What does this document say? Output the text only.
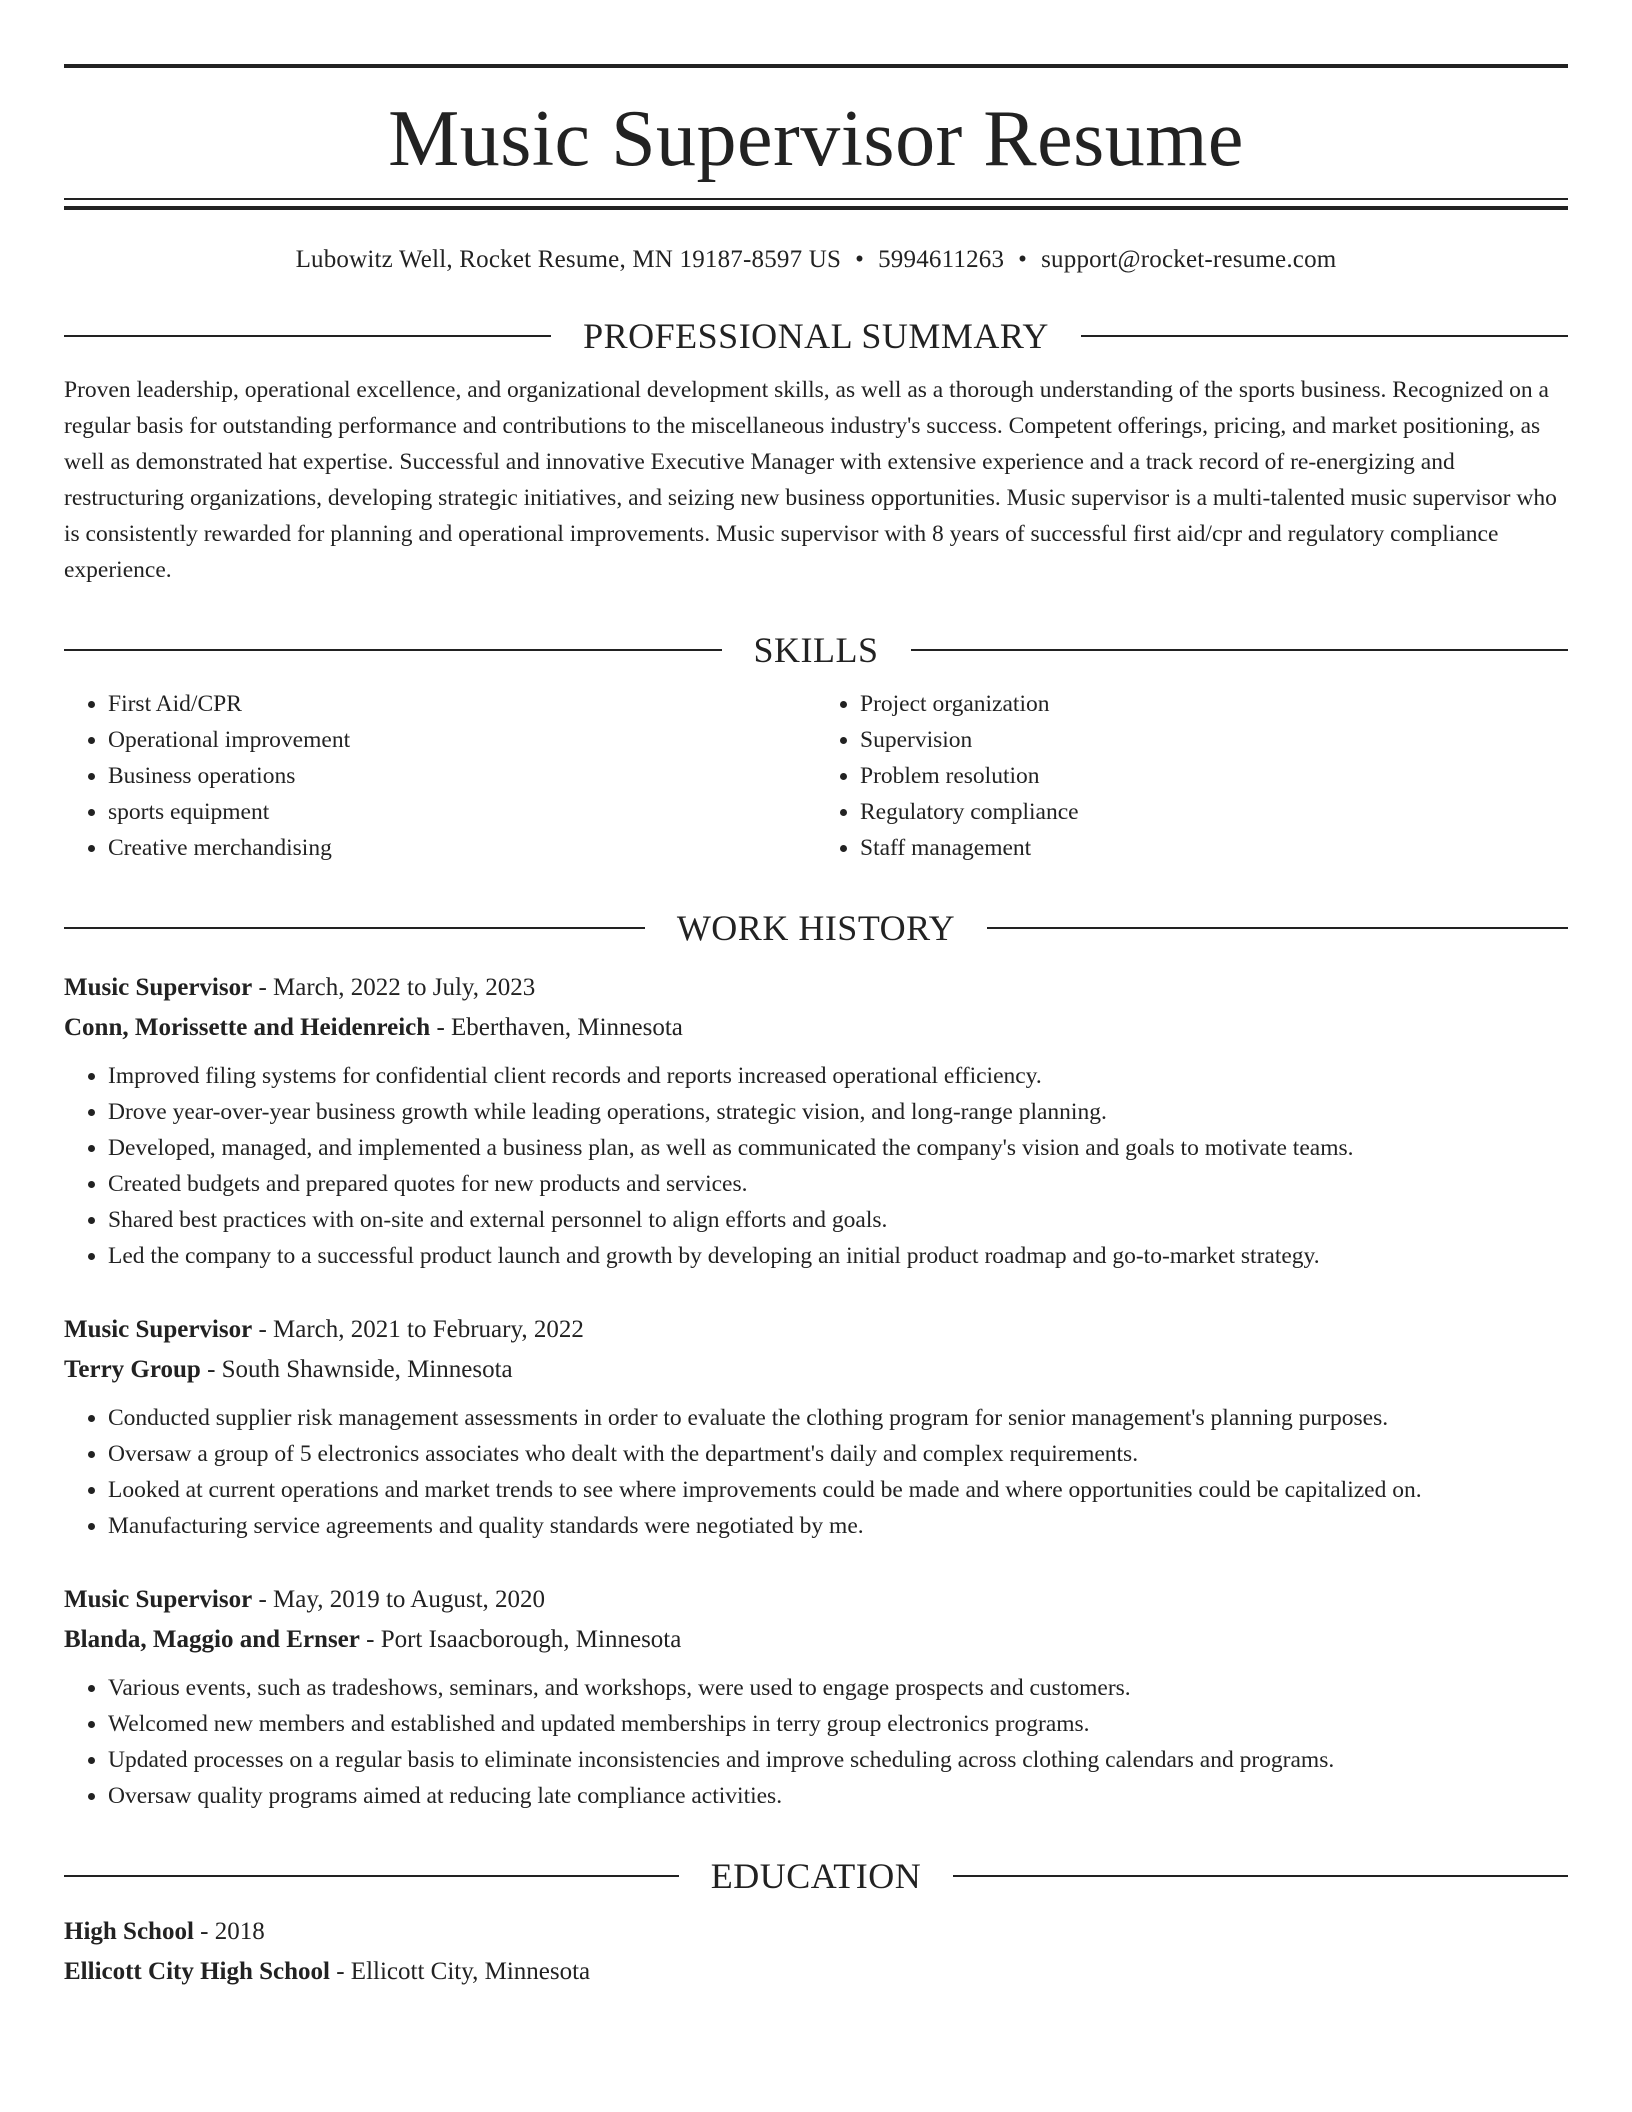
Music Supervisor Resume
Lubowitz Well, Rocket Resume, MN 19187-8597 US • 5994611263 • support@rocket-resume.com
PROFESSIONAL SUMMARY

Proven leadership, operational excellence, and organizational development skills, as well as a thorough understanding of the sports business. Recognized on a regular basis for outstanding performance and contributions to the miscellaneous industry's success. Competent offerings, pricing, and market positioning, as well as demonstrated hat expertise. Successful and innovative Executive Manager with extensive experience and a track record of re-energizing and restructuring organizations, developing strategic initiatives, and seizing new business opportunities. Music supervisor is a multi-talented music supervisor who is consistently rewarded for planning and operational improvements. Music supervisor with 8 years of successful first aid/cpr and regulatory compliance experience.

SKILLS
• First Aid/CPR
• Operational improvement
• Business operations
• sports equipment
• Creative merchandising
• Project organization
• Supervision
• Problem resolution
• Regulatory compliance
• Staff management
WORK HISTORY
Music Supervisor - March, 2022 to July, 2023
Conn, Morissette and Heidenreich - Eberthaven, Minnesota
• Improved filing systems for confidential client records and reports increased operational efficiency.
• Drove year-over-year business growth while leading operations, strategic vision, and long-range planning.
• Developed, managed, and implemented a business plan, as well as communicated the company's vision and goals to motivate teams.
• Created budgets and prepared quotes for new products and services.
• Shared best practices with on-site and external personnel to align efforts and goals.
• Led the company to a successful product launch and growth by developing an initial product roadmap and go-to-market strategy.
Music Supervisor - March, 2021 to February, 2022
Terry Group - South Shawnside, Minnesota
• Conducted supplier risk management assessments in order to evaluate the clothing program for senior management's planning purposes.
• Oversaw a group of 5 electronics associates who dealt with the department's daily and complex requirements.
• Looked at current operations and market trends to see where improvements could be made and where opportunities could be capitalized on.
• Manufacturing service agreements and quality standards were negotiated by me.
Music Supervisor - May, 2019 to August, 2020
Blanda, Maggio and Ernser - Port Isaacborough, Minnesota
• Various events, such as tradeshows, seminars, and workshops, were used to engage prospects and customers.
• Welcomed new members and established and updated memberships in terry group electronics programs.
• Updated processes on a regular basis to eliminate inconsistencies and improve scheduling across clothing calendars and programs.
• Oversaw quality programs aimed at reducing late compliance activities.
EDUCATION
High School - 2018
Ellicott City High School - Ellicott City, Minnesota
